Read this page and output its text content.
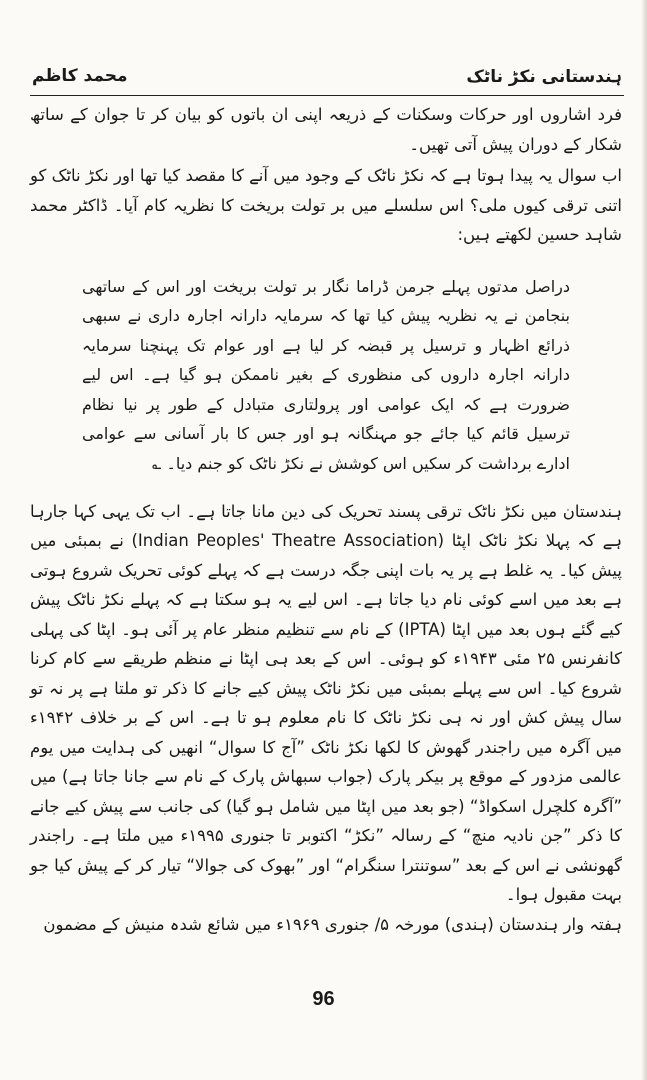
ہندستانی نکڑ ناٹک
محمد کاظم

فرد اشاروں اور حرکات وسکنات کے ذریعہ اپنی ان باتوں کو بیان کر تا جوان کے ساتھ شکار کے دوران پیش آتی تھیں۔

اب سوال یہ پیدا ہوتا ہے کہ نکڑ ناٹک کے وجود میں آنے کا مقصد کیا تھا اور نکڑ ناٹک کو اتنی ترقی کیوں ملی؟ اس سلسلے میں بر تولت بریخت کا نظریہ کام آیا۔ ڈاکٹر محمد شاہد حسین لکھتے ہیں:

دراصل مدتوں پہلے جرمن ڈراما نگار بر تولت بریخت اور اس کے ساتھی بنجامن نے یہ نظریہ پیش کیا تھا کہ سرمایہ دارانہ اجارہ داری نے سبھی ذرائع اظہار و ترسیل پر قبضہ کر لیا ہے اور عوام تک پہنچنا سرمایہ دارانہ اجارہ داروں کی منظوری کے بغیر ناممکن ہو گیا ہے۔ اس لیے ضرورت ہے کہ ایک عوامی اور پرولتاری متبادل کے طور پر نیا نظام ترسیل قائم کیا جائے جو مہنگانہ ہو اور جس کا بار آسانی سے عوامی ادارے برداشت کر سکیں اس کوشش نے نکڑ ناٹک کو جنم دیا۔ ؎

ہندستان میں نکڑ ناٹک ترقی پسند تحریک کی دین مانا جاتا ہے۔ اب تک یہی کہا جارہا ہے کہ پہلا نکڑ ناٹک اپٹا (Indian Peoples' Theatre Association) نے بمبئی میں پیش کیا۔ یہ غلط ہے پر یہ بات اپنی جگہ درست ہے کہ پہلے کوئی تحریک شروع ہوتی ہے بعد میں اسے کوئی نام دیا جاتا ہے۔ اس لیے یہ ہو سکتا ہے کہ پہلے نکڑ ناٹک پیش کیے گئے ہوں بعد میں اپٹا (IPTA) کے نام سے تنظیم منظر عام پر آئی ہو۔ اپٹا کی پہلی کانفرنس ۲۵ مئی ۱۹۴۳ء کو ہوئی۔ اس کے بعد ہی اپٹا نے منظم طریقے سے کام کرنا شروع کیا۔ اس سے پہلے بمبئی میں نکڑ ناٹک پیش کیے جانے کا ذکر تو ملتا ہے پر نہ تو سال پیش کش اور نہ ہی نکڑ ناٹک کا نام معلوم ہو تا ہے۔ اس کے بر خلاف ۱۹۴۲ء میں آگرہ میں راجندر گھوش کا لکھا نکڑ ناٹک ”آج کا سوال“ انھیں کی ہدایت میں یوم عالمی مزدور کے موقع پر بیکر پارک (جواب سبھاش پارک کے نام سے جانا جاتا ہے) میں ”آگرہ کلچرل اسکواڈ“ (جو بعد میں اپٹا میں شامل ہو گیا) کی جانب سے پیش کیے جانے کا ذکر ”جن نادیہ منچ“ کے رسالہ ”نکڑ“ اکتوبر تا جنوری ۱۹۹۵ء میں ملتا ہے۔ راجندر گھونشی نے اس کے بعد ”سوتنترا سنگرام“ اور ”بھوک کی جوالا“ تیار کر کے پیش کیا جو بہت مقبول ہوا۔

ہفتہ وار ہندستان (ہندی) مورخہ ۵/ جنوری ۱۹۶۹ء میں شائع شدہ منیش کے مضمون

96
